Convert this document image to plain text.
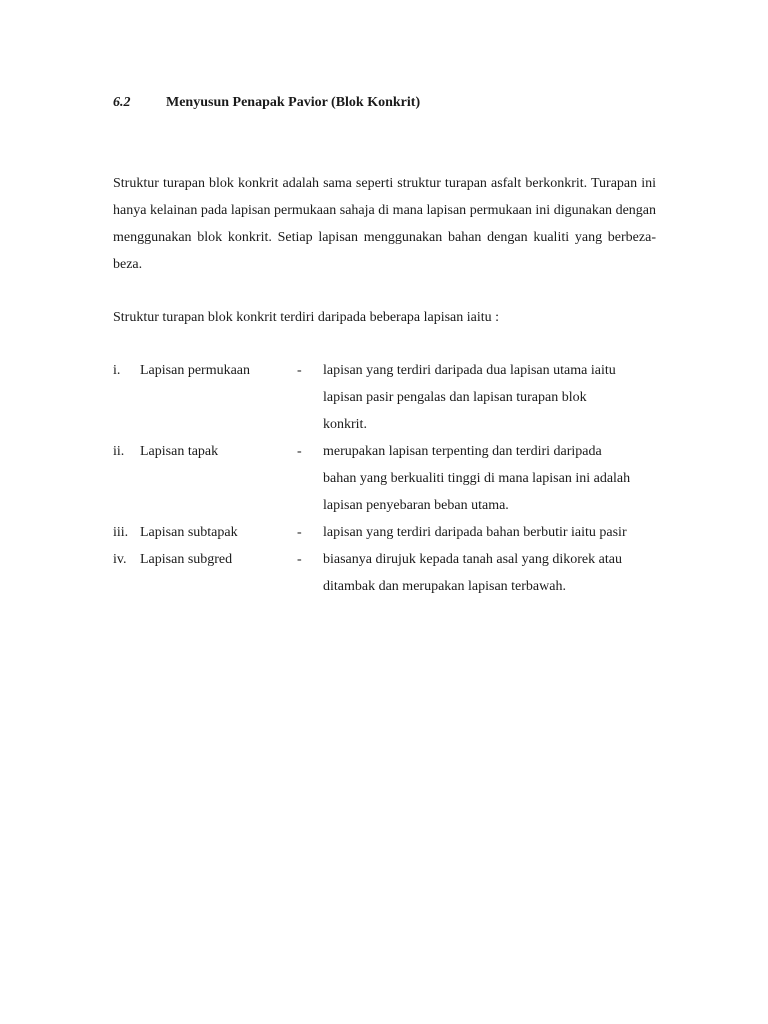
6.2	Menyusun Penapak Pavior (Blok Konkrit)

Struktur turapan blok konkrit adalah sama seperti struktur turapan asfalt berkonkrit. Turapan ini hanya kelainan pada lapisan permukaan sahaja di mana lapisan permukaan ini digunakan dengan menggunakan blok konkrit. Setiap lapisan menggunakan bahan dengan kualiti yang berbeza-beza.

Struktur turapan blok konkrit terdiri daripada beberapa lapisan iaitu :

i. Lapisan permukaan	- lapisan yang terdiri daripada dua lapisan utama iaitu
lapisan pasir pengalas dan lapisan turapan blok
konkrit.
ii. Lapisan tapak	- merupakan lapisan terpenting dan terdiri daripada
bahan yang berkualiti tinggi di mana lapisan ini adalah
lapisan penyebaran beban utama.
iii. Lapisan subtapak	- lapisan yang terdiri daripada bahan berbutir iaitu pasir
iv. Lapisan subgred	- biasanya dirujuk kepada tanah asal yang dikorek atau
ditambak dan merupakan lapisan terbawah.
